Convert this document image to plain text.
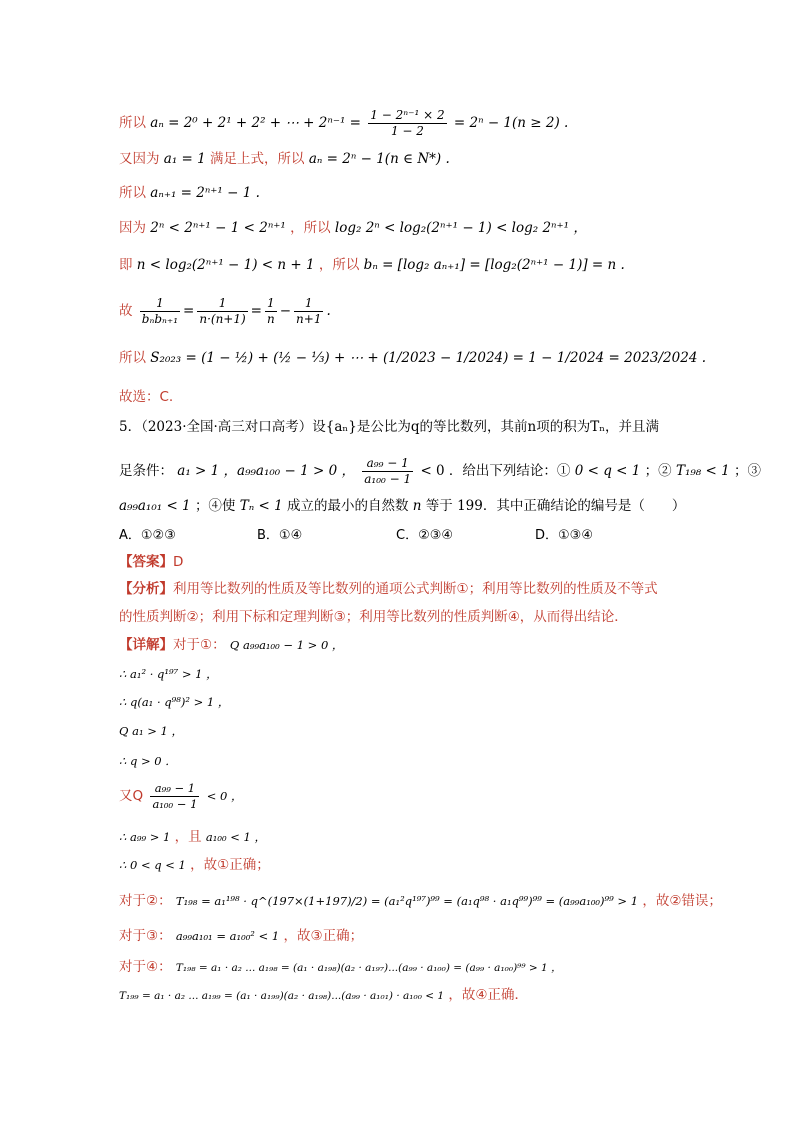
所以 aₙ = 2⁰ + 2¹ + 2² + ⋯ + $2^{n-1} = \frac{\text{1 − 2ⁿ⁻¹ × 2}}{1 - 2} = 2^n - 1(n \ge 2)$ .
又因为 a₁ = 1 满足上式，所以 aₙ = 2ⁿ − 1(n ∈ N*) .
所以 aₙ₊₁ = 2ⁿ⁺¹ − 1 .
因为 2ⁿ < 2ⁿ⁺¹ − 1 < 2ⁿ⁺¹ ，所以 log₂ 2ⁿ < log₂(2ⁿ⁺¹ − 1) < log₂ 2ⁿ⁺¹ ，
即 n < log₂(2ⁿ⁺¹ − 1) < n + 1 ，所以 bₙ = [log₂ aₙ₊₁] = [log₂(2ⁿ⁺¹ − 1)] = n .
故 $\frac{1}{\text{bₙbₙ₊₁}} = \frac{1}{n\cdot(n+1)} = \frac{1}{n} - \frac{1}{n+1}$ .
所以 S₂₀₂₃ = (1 − ½) + (½ − ⅓) + ⋯ + (1/2023 − 1/2024) = 1 − 1/2024 = 2023/2024 .
故选：C.
5．（2023·全国·高三对口高考）设{aₙ}是公比为q的等比数列，其前n项的积为Tₙ，并且满
足条件： a₁ > 1 ，a₉₉a₁₀₀ − 1 > 0 ， $\frac{\text{a₉₉ − 1}}{\text{a₁₀₀ − 1}} < 0$ ．给出下列结论：① 0 < q < 1 ；② T₁₉₈ < 1 ；③
a₉₉a₁₀₁ < 1 ；④使 Tₙ < 1 成立的最小的自然数 n 等于 199．其中正确结论的编号是（　　）
A．①②③	B．①④	C．②③④	D．①③④
【答案】D
【分析】利用等比数列的性质及等比数列的通项公式判断①；利用等比数列的性质及不等式
的性质判断②；利用下标和定理判断③；利用等比数列的性质判断④，从而得出结论．
【详解】对于①： Q a₉₉a₁₀₀ − 1 > 0 ，
∴ a₁² · q¹⁹⁷ > 1 ，
∴ q(a₁ · q⁹⁸)² > 1 ，
Q a₁ > 1 ，
∴ q > 0 ．
又Q $\frac{\text{a₉₉ − 1}}{\text{a₁₀₀ − 1}} < 0$ ，
∴ a₉₉ > 1 ，且 a₁₀₀ < 1 ，
∴ 0 < q < 1 ，故①正确；
对于②： T₁₉₈ = a₁¹⁹⁸ · q^(197×(1+197)/2) = (a₁²q¹⁹⁷)⁹⁹ = (a₁q⁹⁸ · a₁q⁹⁹)⁹⁹ = (a₉₉a₁₀₀)⁹⁹ > 1 ，故②错误；
对于③： a₉₉a₁₀₁ = a₁₀₀² < 1 ，故③正确；
对于④： T₁₉₈ = a₁ · a₂ ... a₁₉₈ = (a₁ · a₁₉₈)(a₂ · a₁₉₇)...(a₉₉ · a₁₀₀) = (a₉₉ · a₁₀₀)⁹⁹ > 1 ，
T₁₉₉ = a₁ · a₂ ... a₁₉₉ = (a₁ · a₁₉₉)(a₂ · a₁₉₈)...(a₉₉ · a₁₀₁) · a₁₀₀ < 1 ，故④正确．
